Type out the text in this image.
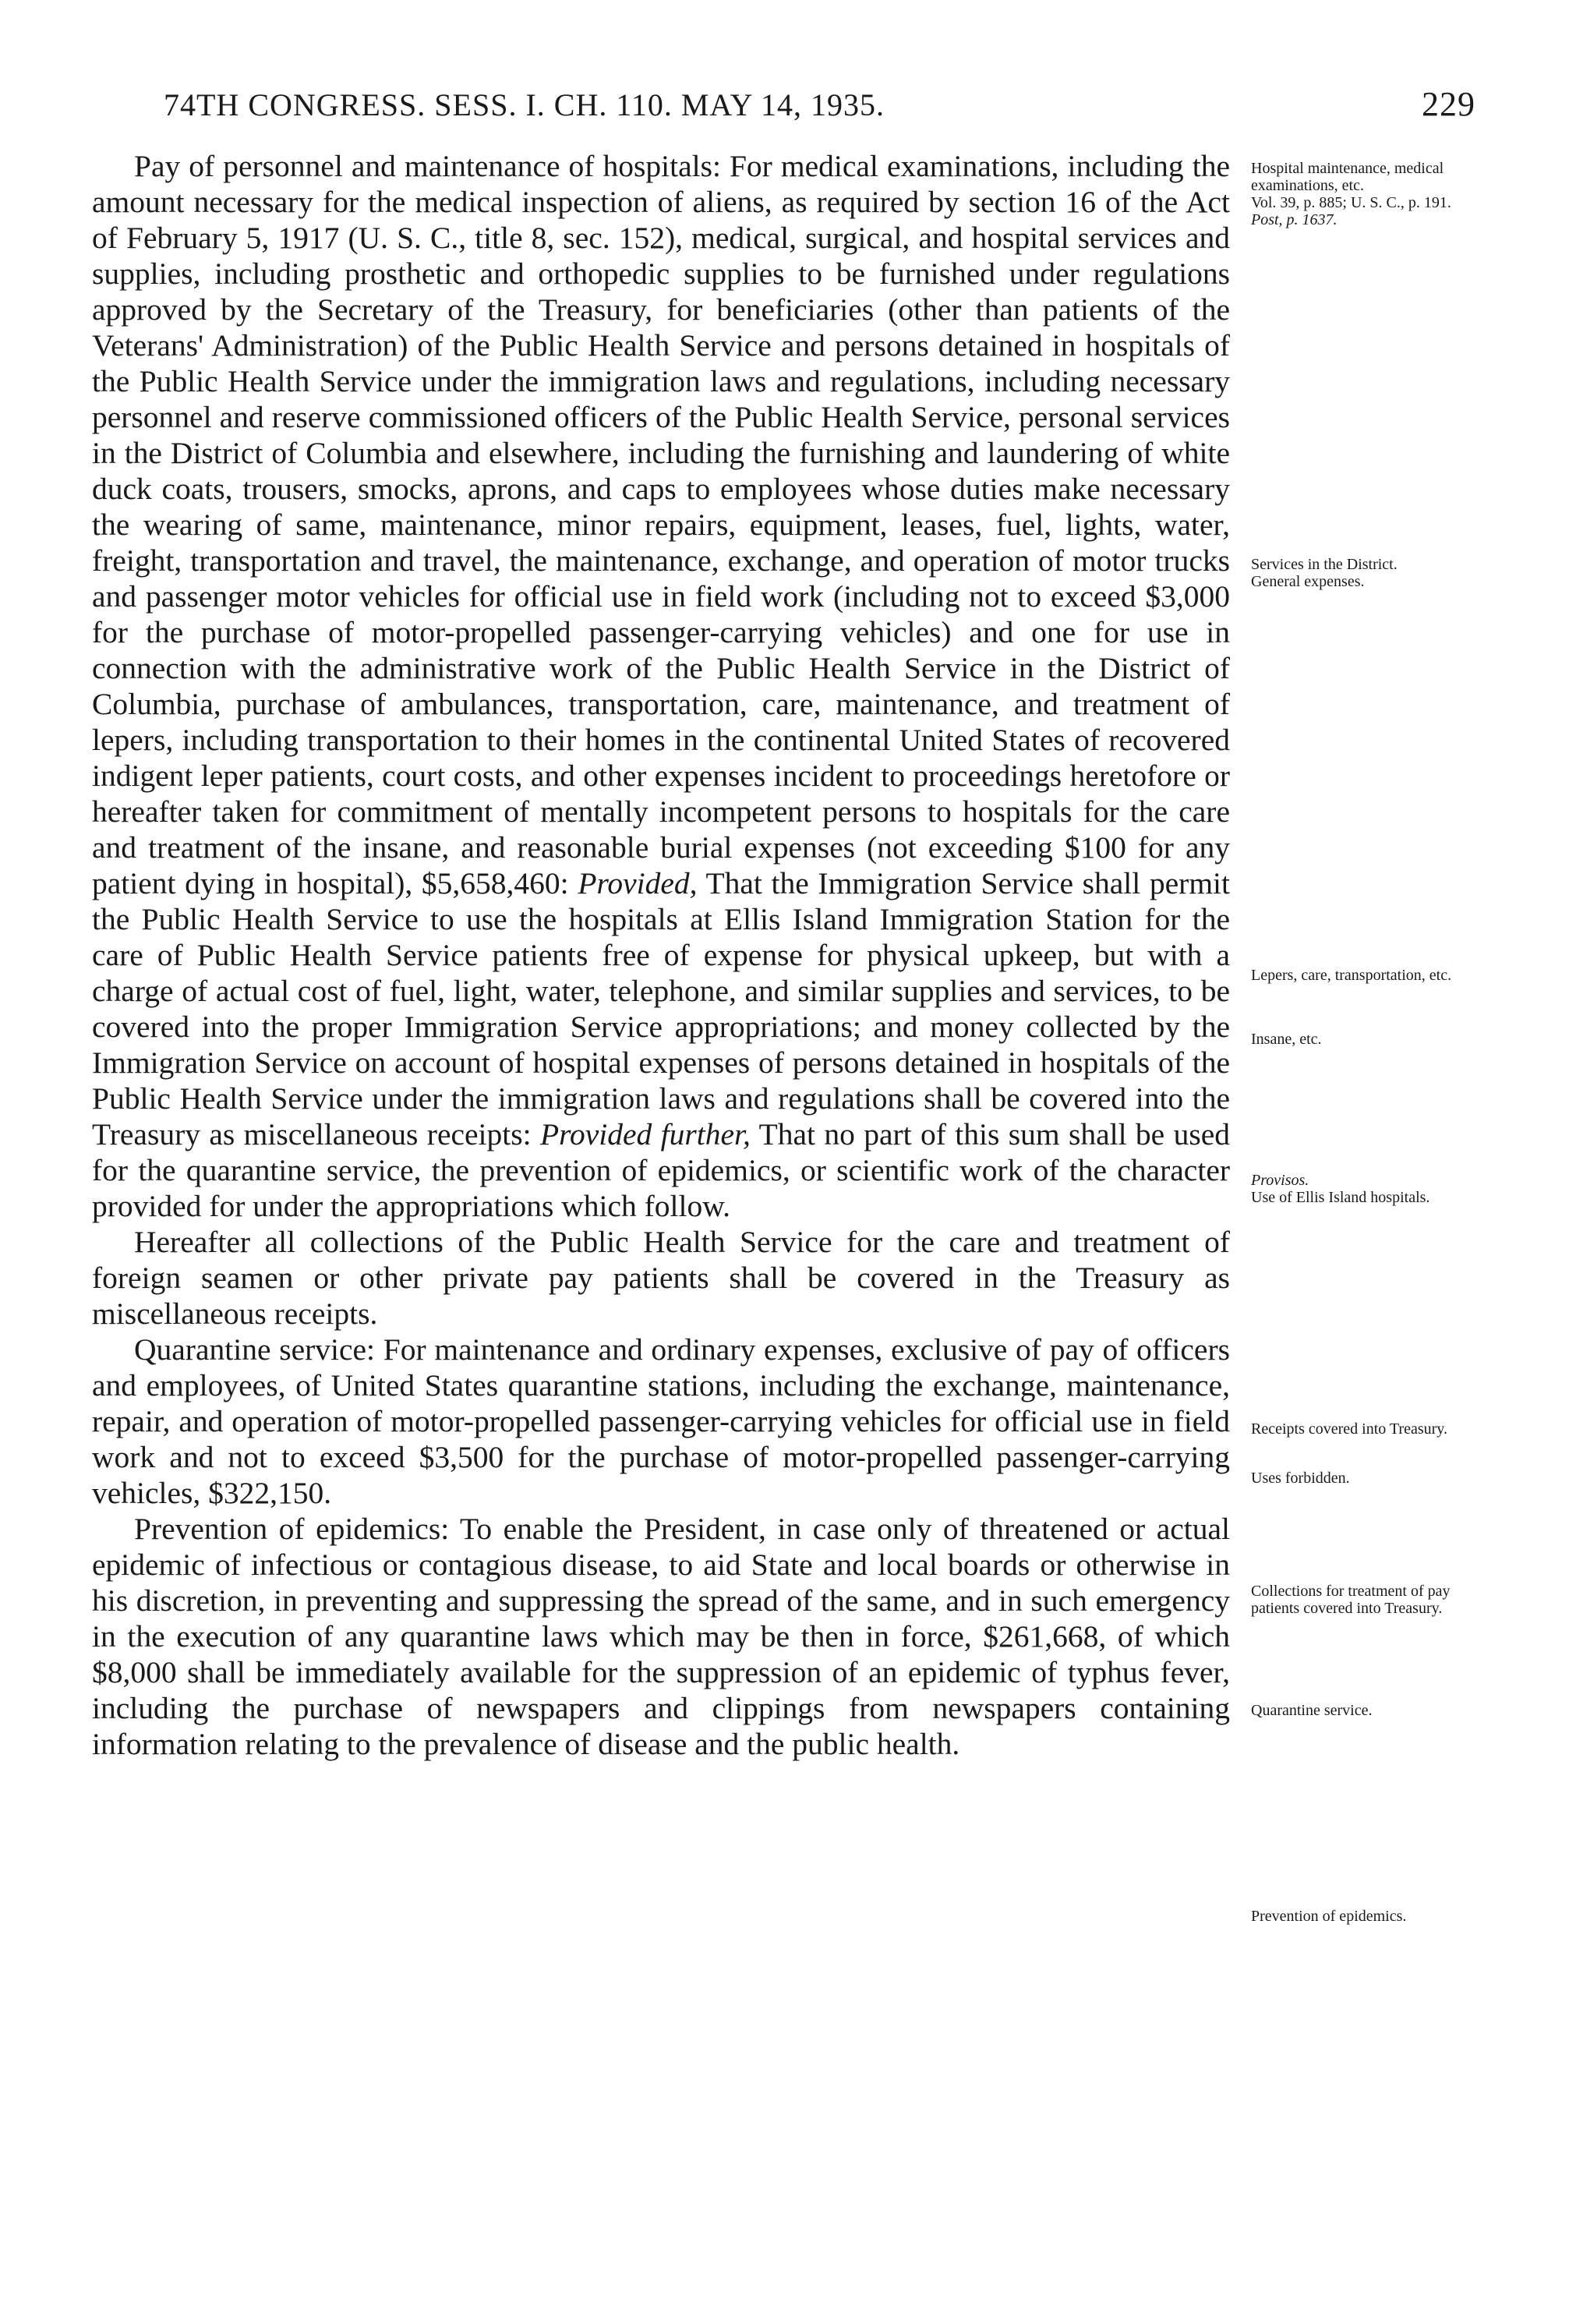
74TH CONGRESS. SESS. I. CH. 110. MAY 14, 1935.	229

Pay of personnel and maintenance of hospitals: For medical examinations, including the amount necessary for the medical inspection of aliens, as required by section 16 of the Act of February 5, 1917 (U. S. C., title 8, sec. 152), medical, surgical, and hospital services and supplies, including prosthetic and orthopedic supplies to be furnished under regulations approved by the Secretary of the Treasury, for beneficiaries (other than patients of the Veterans' Administration) of the Public Health Service and persons detained in hospitals of the Public Health Service under the immigration laws and regulations, including necessary personnel and reserve commissioned officers of the Public Health Service, personal services in the District of Columbia and elsewhere, including the furnishing and laundering of white duck coats, trousers, smocks, aprons, and caps to employees whose duties make necessary the wearing of same, maintenance, minor repairs, equipment, leases, fuel, lights, water, freight, transportation and travel, the maintenance, exchange, and operation of motor trucks and passenger motor vehicles for official use in field work (including not to exceed $3,000 for the purchase of motor-propelled passenger-carrying vehicles) and one for use in connection with the administrative work of the Public Health Service in the District of Columbia, purchase of ambulances, transportation, care, maintenance, and treatment of lepers, including transportation to their homes in the continental United States of recovered indigent leper patients, court costs, and other expenses incident to proceedings heretofore or hereafter taken for commitment of mentally incompetent persons to hospitals for the care and treatment of the insane, and reasonable burial expenses (not exceeding $100 for any patient dying in hospital), $5,658,460: Provided, That the Immigration Service shall permit the Public Health Service to use the hospitals at Ellis Island Immigration Station for the care of Public Health Service patients free of expense for physical upkeep, but with a charge of actual cost of fuel, light, water, telephone, and similar supplies and services, to be covered into the proper Immigration Service appropriations; and money collected by the Immigration Service on account of hospital expenses of persons detained in hospitals of the Public Health Service under the immigration laws and regulations shall be covered into the Treasury as miscellaneous receipts: Provided further, That no part of this sum shall be used for the quarantine service, the prevention of epidemics, or scientific work of the character provided for under the appropriations which follow.

Hereafter all collections of the Public Health Service for the care and treatment of foreign seamen or other private pay patients shall be covered in the Treasury as miscellaneous receipts.

Quarantine service: For maintenance and ordinary expenses, exclusive of pay of officers and employees, of United States quarantine stations, including the exchange, maintenance, repair, and operation of motor-propelled passenger-carrying vehicles for official use in field work and not to exceed $3,500 for the purchase of motor-propelled passenger-carrying vehicles, $322,150.

Prevention of epidemics: To enable the President, in case only of threatened or actual epidemic of infectious or contagious disease, to aid State and local boards or otherwise in his discretion, in preventing and suppressing the spread of the same, and in such emergency in the execution of any quarantine laws which may be then in force, $261,668, of which $8,000 shall be immediately available for the suppression of an epidemic of typhus fever, including the purchase of newspapers and clippings from newspapers containing information relating to the prevalence of disease and the public health.

Hospital maintenance, medical examinations, etc.
Vol. 39, p. 885; U. S. C., p. 191.
Post, p. 1637.
Services in the District.
General expenses.
Lepers, care, transportation, etc.
Insane, etc.
Provisos.
Use of Ellis Island hospitals.
Receipts covered into Treasury.
Uses forbidden.
Collections for treatment of pay patients covered into Treasury.
Quarantine service.
Prevention of epidemics.
